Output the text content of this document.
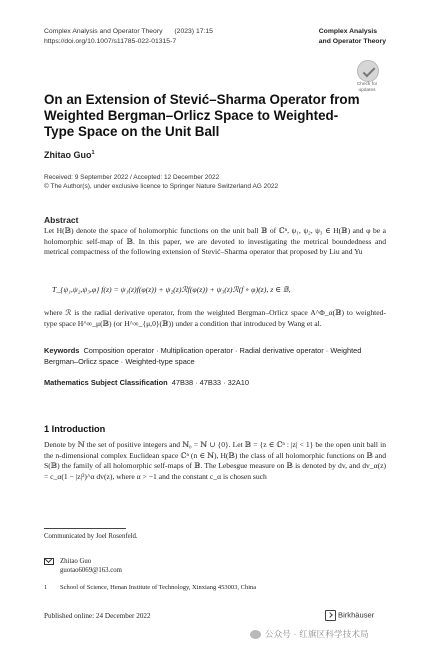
Complex Analysis and Operator Theory (2023) 17:15
https://doi.org/10.1007/s11785-022-01315-7
Complex Analysis
and Operator Theory
Check for
updates
On an Extension of Stević–Sharma Operator from Weighted Bergman–Orlicz Space to Weighted-Type Space on the Unit Ball
Zhitao Guo$^1$
Received: 9 September 2022 / Accepted: 12 December 2022
© The Author(s), under exclusive licence to Springer Nature Switzerland AG 2022
Abstract
Let H(𝔹) denote the space of holomorphic functions on the unit ball 𝔹 of ℂⁿ, ψ₁, ψ₂, ψ₃ ∈ H(𝔹) and φ be a holomorphic self-map of 𝔹. In this paper, we are devoted to investigating the metrical boundedness and metrical compactness of the following extension of Stević–Sharma operator that proposed by Liu and Yu
T_{ψ₁,ψ₂,ψ₃,φ} f(z) = ψ₁(z)f(φ(z)) + ψ₂(z)ℛf(φ(z)) + ψ₃(z)ℛ(f ∘ φ)(z), z ∈ 𝔹,
where ℛ is the radial derivative operator, from the weighted Bergman–Orlicz space A^Φ_α(𝔹) to weighted-type space H^∞_μ(𝔹) (or H^∞_{μ,0}(𝔹)) under a condition that introduced by Wang et al.
Keywords Composition operator · Multiplication operator · Radial derivative operator · Weighted Bergman–Orlicz space · Weighted-type space
Mathematics Subject Classification 47B38 · 47B33 · 32A10
1 Introduction
Denote by ℕ the set of positive integers and ℕ₀ = ℕ ∪ {0}. Let 𝔹 = {z ∈ ℂⁿ : |z| < 1} be the open unit ball in the n-dimensional complex Euclidean space ℂⁿ (n ∈ ℕ), H(𝔹) the class of all holomorphic functions on 𝔹 and S(𝔹) the family of all holomorphic self-maps of 𝔹. The Lebesgue measure on 𝔹 is denoted by dv, and dv_α(z) = c_α(1 − |z|²)^α dv(z), where α > −1 and the constant c_α is chosen such
Communicated by Joel Rosenfeld.
Zhitao Guo
guotao6069@163.com
1 School of Science, Henan Institute of Technology, Xinxiang 453003, China
Published online: 24 December 2022	Birkhäuser
公众号 · 红旗区科学技术局
